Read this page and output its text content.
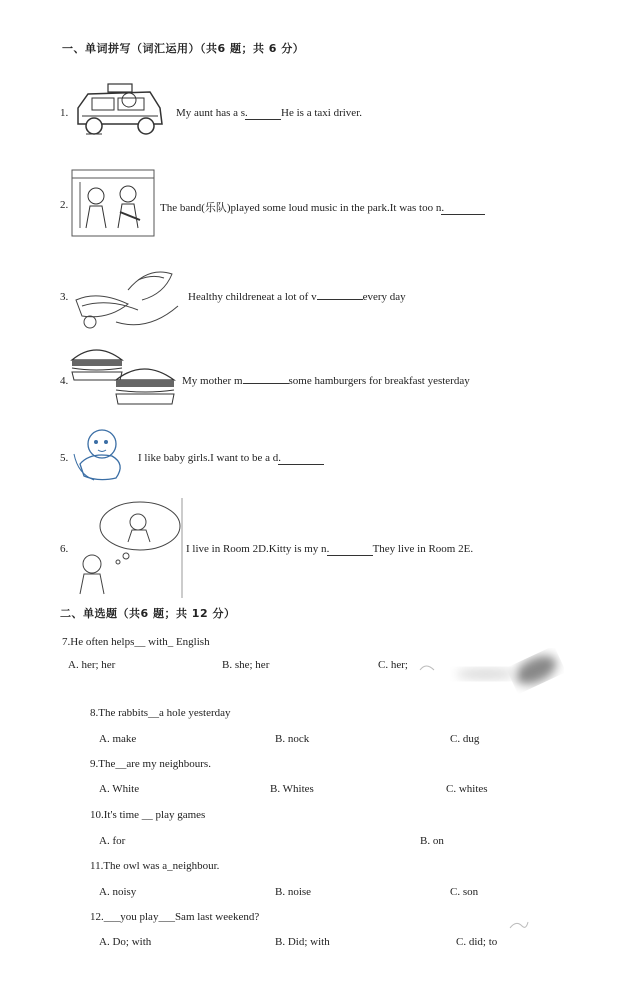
一、单词拼写（词汇运用）（共6 题；共 6 分）
1.	My aunt has a s.	He is a taxi driver.
2.	The band(乐队)played some loud music in the park.It was too n.
3.	Healthy childreneat a lot of v	every day
4.	My mother m	some hamburgers for breakfast yesterday
5.	I like baby girls.I want to be a d.
6.	I live in Room 2D.Kitty is my n.	They live in Room 2E.
二、单选题（共6 题；共 12 分）
7.He often helps__ with_ English
A. her; her	B. she; her	C. her;
8.The rabbits__a hole yesterday
A. make	B. nock	C. dug
9.The__are my neighbours.
A. White	B. Whites	C. whites
10.It's time __ play games
A. for	B. on
11.The owl was a_neighbour.
A. noisy	B. noise	C. son
12.___you play___Sam last weekend?
A. Do; with	B. Did; with	C. did; to
